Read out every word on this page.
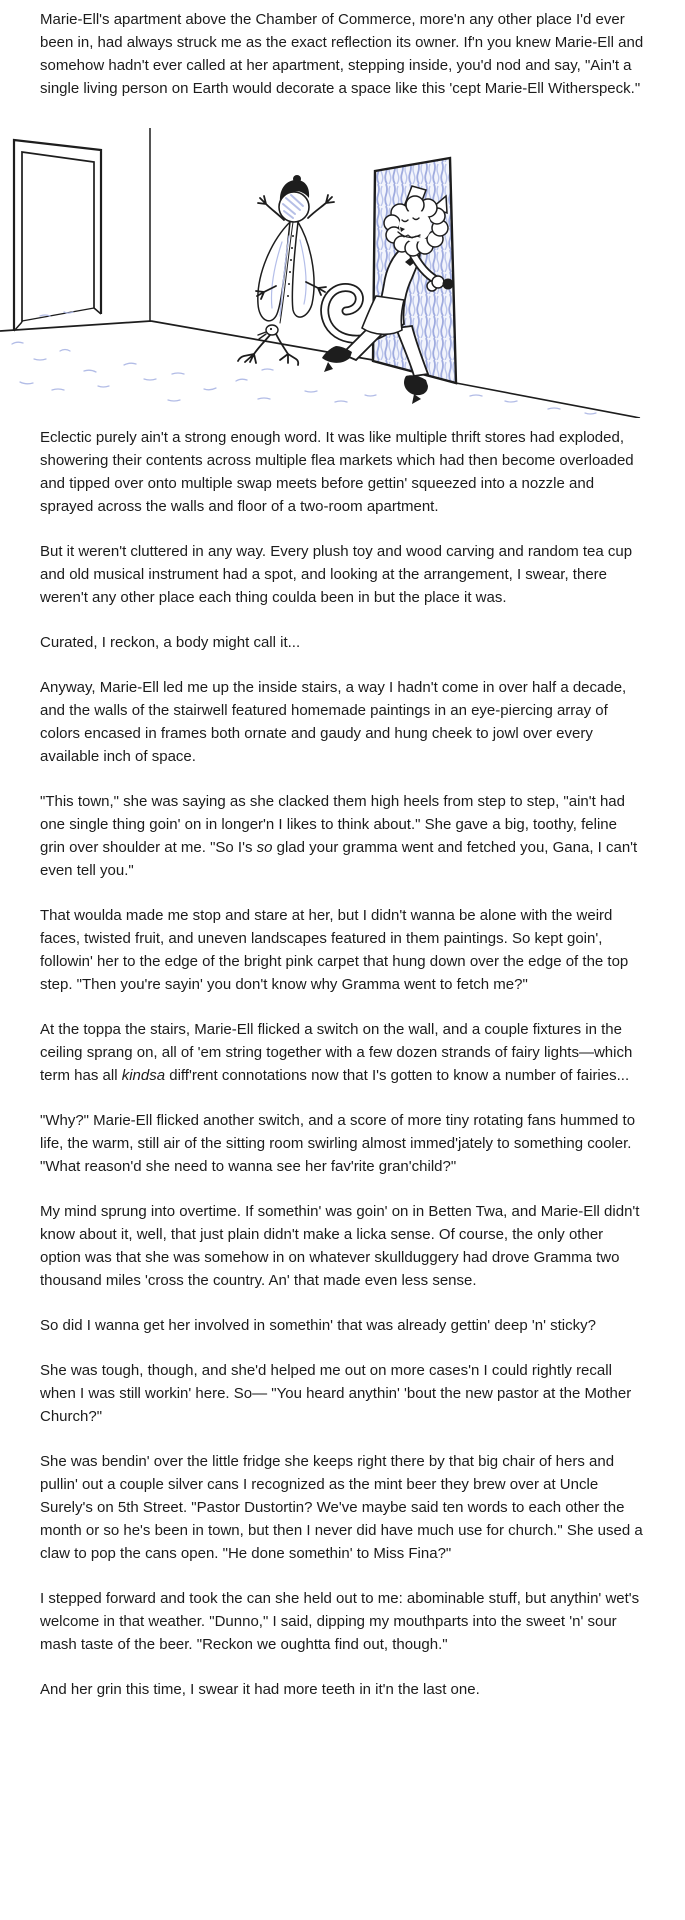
Marie-Ell's apartment above the Chamber of Commerce, more'n any other place I'd ever been in, had always struck me as the exact reflection its owner. If'n you knew Marie-Ell and somehow hadn't ever called at her apartment, stepping inside, you'd nod and say, "Ain't a single living person on Earth would decorate a space like this 'cept Marie-Ell Witherspeck."

Eclectic purely ain't a strong enough word. It was like multiple thrift stores had exploded, showering their contents across multiple flea markets which had then become overloaded and tipped over onto multiple swap meets before gettin' squeezed into a nozzle and sprayed across the walls and floor of a two-room apartment.

But it weren't cluttered in any way. Every plush toy and wood carving and random tea cup and old musical instrument had a spot, and looking at the arrangement, I swear, there weren't any other place each thing coulda been in but the place it was.

Curated, I reckon, a body might call it...

Anyway, Marie-Ell led me up the inside stairs, a way I hadn't come in over half a decade, and the walls of the stairwell featured homemade paintings in an eye-piercing array of colors encased in frames both ornate and gaudy and hung cheek to jowl over every available inch of space.

"This town," she was saying as she clacked them high heels from step to step, "ain't had one single thing goin' on in longer'n I likes to think about." She gave a big, toothy, feline grin over shoulder at me. "So I's so glad your gramma went and fetched you, Gana, I can't even tell you."

That woulda made me stop and stare at her, but I didn't wanna be alone with the weird faces, twisted fruit, and uneven landscapes featured in them paintings. So kept goin', followin' her to the edge of the bright pink carpet that hung down over the edge of the top step. "Then you're sayin' you don't know why Gramma went to fetch me?"

At the toppa the stairs, Marie-Ell flicked a switch on the wall, and a couple fixtures in the ceiling sprang on, all of 'em string together with a few dozen strands of fairy lights—which term has all kindsa diff'rent connotations now that I's gotten to know a number of fairies...

"Why?" Marie-Ell flicked another switch, and a score of more tiny rotating fans hummed to life, the warm, still air of the sitting room swirling almost immed'jately to something cooler. "What reason'd she need to wanna see her fav'rite gran'child?"

My mind sprung into overtime. If somethin' was goin' on in Betten Twa, and Marie-Ell didn't know about it, well, that just plain didn't make a licka sense. Of course, the only other option was that she was somehow in on whatever skullduggery had drove Gramma two thousand miles 'cross the country. An' that made even less sense.

So did I wanna get her involved in somethin' that was already gettin' deep 'n' sticky?

She was tough, though, and she'd helped me out on more cases'n I could rightly recall when I was still workin' here. So— "You heard anythin' 'bout the new pastor at the Mother Church?"

She was bendin' over the little fridge she keeps right there by that big chair of hers and pullin' out a couple silver cans I recognized as the mint beer they brew over at Uncle Surely's on 5th Street. "Pastor Dustortin? We've maybe said ten words to each other the month or so he's been in town, but then I never did have much use for church." She used a claw to pop the cans open. "He done somethin' to Miss Fina?"

I stepped forward and took the can she held out to me: abominable stuff, but anythin' wet's welcome in that weather. "Dunno," I said, dipping my mouthparts into the sweet 'n' sour mash taste of the beer. "Reckon we oughtta find out, though."

And her grin this time, I swear it had more teeth in it'n the last one.
